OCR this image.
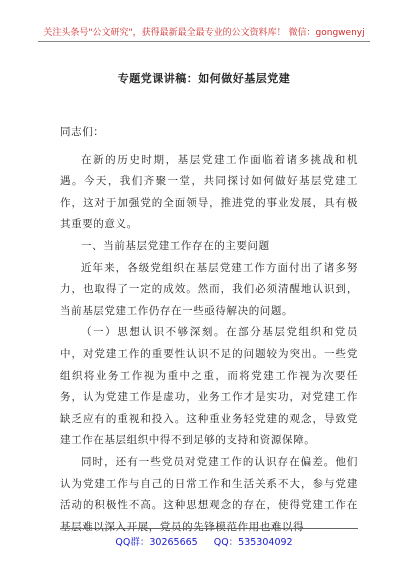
关注头条号"公文研究"，获得最新最全最专业的公文资料库！ 微信：gongwenyj
专题党课讲稿：如何做好基层党建

同志们：

在新的历史时期，基层党建工作面临着诸多挑战和机遇。今天，我们齐聚一堂，共同探讨如何做好基层党建工作，这对于加强党的全面领导，推进党的事业发展，具有极其重要的意义。

一、当前基层党建工作存在的主要问题

近年来，各级党组织在基层党建工作方面付出了诸多努力，也取得了一定的成效。然而，我们必须清醒地认识到，当前基层党建工作仍存在一些亟待解决的问题。

（一）思想认识不够深刻。在部分基层党组织和党员中，对党建工作的重要性认识不足的问题较为突出。一些党组织将业务工作视为重中之重，而将党建工作视为次要任务，认为党建工作是虚功，业务工作才是实功，对党建工作缺乏应有的重视和投入。这种重业务轻党建的观念，导致党建工作在基层组织中得不到足够的支持和资源保障。

同时，还有一些党员对党建工作的认识存在偏差。他们认为党建工作与自己的日常工作和生活关系不大，参与党建活动的积极性不高。这种思想观念的存在，使得党建工作在基层难以深入开展，党员的先锋模范作用也难以得

QQ群：30265665 QQ：535304092
